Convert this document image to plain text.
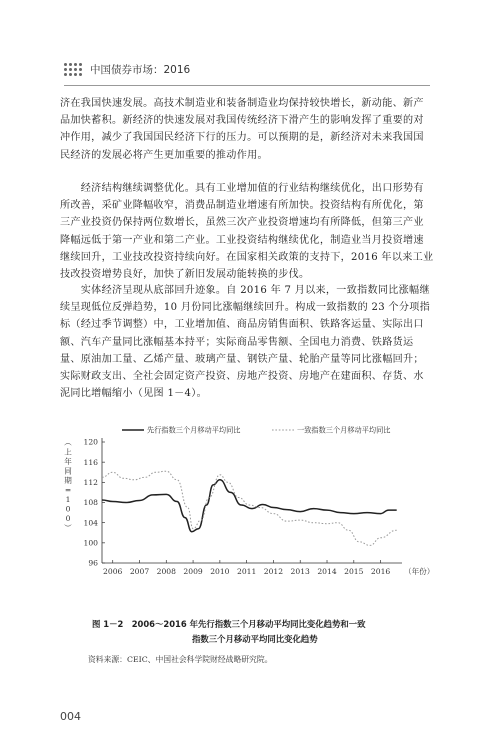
中国债券市场：2016

济在我国快速发展。高技术制造业和装备制造业均保持较快增长，新动能、新产品加快蓄积。新经济的快速发展对我国传统经济下滑产生的影响发挥了重要的对冲作用，减少了我国国民经济下行的压力。可以预期的是，新经济对未来我国国民经济的发展必将产生更加重要的推动作用。

　　经济结构继续调整优化。具有工业增加值的行业结构继续优化，出口形势有所改善，采矿业降幅收窄，消费品制造业增速有所加快。投资结构有所优化，第三产业投资仍保持两位数增长，虽然三次产业投资增速均有所降低，但第三产业降幅远低于第一产业和第二产业。工业投资结构继续优化，制造业当月投资增速继续回升，工业技改投资持续向好。在国家相关政策的支持下，2016 年以来工业技改投资增势良好，加快了新旧发展动能转换的步伐。

　　实体经济呈现从底部回升迹象。自 2016 年 7 月以来，一致指数同比涨幅继续呈现低位反弹趋势，10 月份同比涨幅继续回升。构成一致指数的 23 个分项指标（经过季节调整）中，工业增加值、商品房销售面积、铁路客运量、实际出口额、汽车产量同比涨幅基本持平；实际商品零售额、全国电力消费、铁路货运量、原油加工量、乙烯产量、玻璃产量、钢铁产量、轮胎产量等同比涨幅回升；实际财政支出、全社会固定资产投资、房地产投资、房地产在建面积、存货、水泥同比增幅缩小（见图 1－4）。

96
100
104
108
112
116
120
2006 2007 2008 2009 2010 2011 2012 2013 2014 2015 2016 （年份）
（
上
年
同
期
=
1
0
0
）
先行指数三个月移动平均同比	一致指数三个月移动平均同比
图 1－2　2006～2016 年先行指数三个月移动平均同比变化趋势和一致
指数三个月移动平均同比变化趋势
资料来源：CEIC、中国社会科学院财经战略研究院。
004
